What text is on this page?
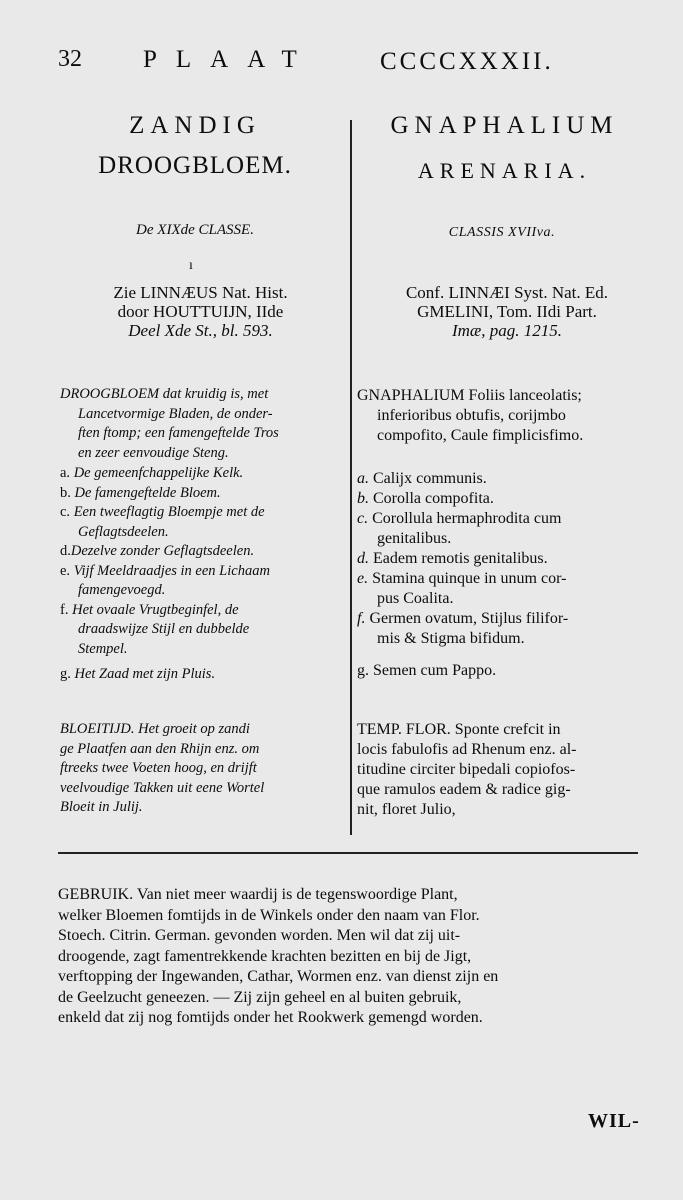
32 PLAAT	CCCCXXXII.
ZANDIG
DROOGBLOEM.
GNAPHALIUM
ARENARIA.
De XIXde CLASSE.	CLASSIS XVIIva.
ı
Zie LINNÆUS Nat. Hist.
door HOUTTUIJN, IIde
Deel Xde St., bl. 593.
Conf. LINNÆI Syst. Nat. Ed.
GMELINI, Tom. IIdi Part.
Imæ, pag. 1215.
DROOGBLOEM dat kruidig is, met
Lancetvormige Bladen, de onder-
ften ftomp; een famengeftelde Tros
en zeer eenvoudige Steng.
a. De gemeenfchappelijke Kelk.
b. De famengeftelde Bloem.
c. Een tweeflagtig Bloempje met de
Geflagtsdeelen.
d.Dezelve zonder Geflagtsdeelen.
e. Vijf Meeldraadjes in een Lichaam
famengevoegd.
f. Het ovaale Vrugtbeginfel, de
draadswijze Stijl en dubbelde
Stempel.
g. Het Zaad met zijn Pluis.
BLOEITIJD. Het groeit op zandi
ge Plaatfen aan den Rhijn enz. om
ftreeks twee Voeten hoog, en drijft
veelvoudige Takken uit eene Wortel
Bloeit in Julij.
GNAPHALIUM Foliis lanceolatis;
inferioribus obtufis, corijmbo
compofito, Caule fimplicisfimo.
a. Calijx communis.
b. Corolla compofita.
c. Corollula hermaphrodita cum
genitalibus.
d. Eadem remotis genitalibus.
e. Stamina quinque in unum cor-
pus Coalita.
f. Germen ovatum, Stijlus filifor-
mis & Stigma bifidum.
g. Semen cum Pappo.
TEMP. FLOR. Sponte crefcit in
locis fabulofis ad Rhenum enz. al-
titudine circiter bipedali copiofos-
que ramulos eadem & radice gig-
nit, floret Julio,
GEBRUIK. Van niet meer waardij is de tegenswoordige Plant,
welker Bloemen fomtijds in de Winkels onder den naam van Flor.
Stoech. Citrin. German. gevonden worden. Men wil dat zij uit-
droogende, zagt famentrekkende krachten bezitten en bij de Jigt,
verftopping der Ingewanden, Cathar, Wormen enz. van dienst zijn en
de Geelzucht geneezen. — Zij zijn geheel en al buiten gebruik,
enkeld dat zij nog fomtijds onder het Rookwerk gemengd worden.
WIL-
